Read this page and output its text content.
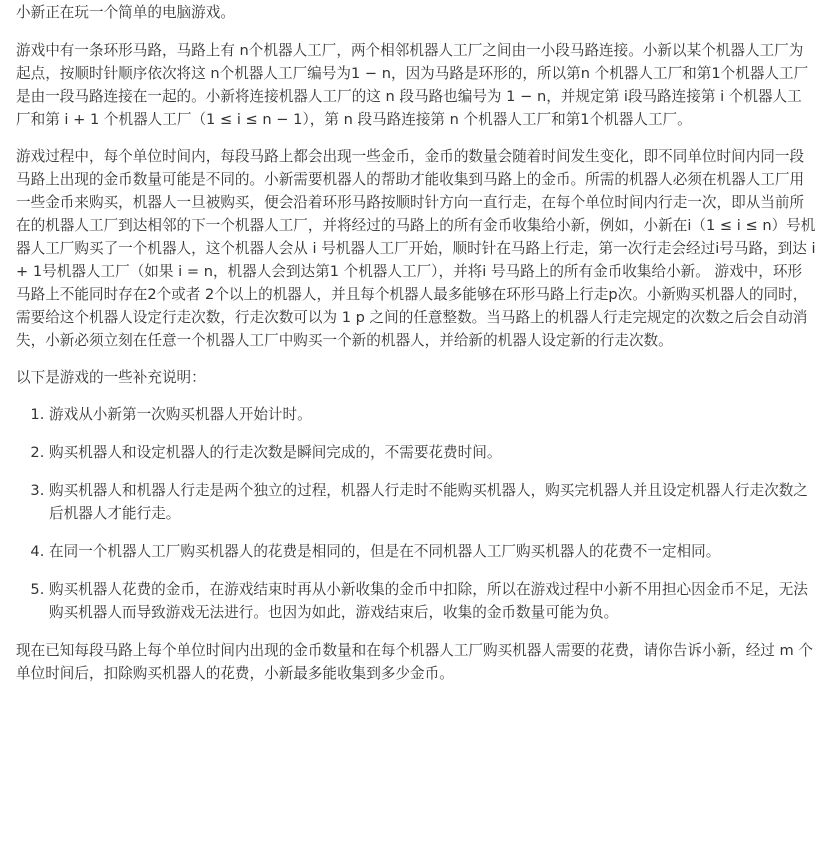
小新正在玩一个简单的电脑游戏。

游戏中有一条环形马路，马路上有 n个机器人工厂，两个相邻机器人工厂之间由一小段马路连接。小新以某个机器人工厂为起点，按顺时针顺序依次将这 n个机器人工厂编号为1 − n，因为马路是环形的，所以第n 个机器人工厂和第1个机器人工厂是由一段马路连接在一起的。小新将连接机器人工厂的这 n 段马路也编号为 1 − n，并规定第 i段马路连接第 i 个机器人工厂和第 i + 1 个机器人工厂（1 ≤ i ≤ n − 1），第 n 段马路连接第 n 个机器人工厂和第1个机器人工厂。

游戏过程中，每个单位时间内，每段马路上都会出现一些金币，金币的数量会随着时间发生变化，即不同单位时间内同一段马路上出现的金币数量可能是不同的。小新需要机器人的帮助才能收集到马路上的金币。所需的机器人必须在机器人工厂用一些金币来购买，机器人一旦被购买，便会沿着环形马路按顺时针方向一直行走，在每个单位时间内行走一次，即从当前所在的机器人工厂到达相邻的下一个机器人工厂，并将经过的马路上的所有金币收集给小新，例如，小新在i（1 ≤ i ≤ n）号机器人工厂购买了一个机器人，这个机器人会从 i 号机器人工厂开始，顺时针在马路上行走，第一次行走会经过i号马路，到达 i + 1号机器人工厂（如果 i = n，机器人会到达第1 个机器人工厂），并将i 号马路上的所有金币收集给小新。 游戏中，环形马路上不能同时存在2个或者 2个以上的机器人，并且每个机器人最多能够在环形马路上行走p次。小新购买机器人的同时，需要给这个机器人设定行走次数，行走次数可以为 1 p 之间的任意整数。当马路上的机器人行走完规定的次数之后会自动消失，小新必须立刻在任意一个机器人工厂中购买一个新的机器人，并给新的机器人设定新的行走次数。

以下是游戏的一些补充说明：

1. 游戏从小新第一次购买机器人开始计时。
2. 购买机器人和设定机器人的行走次数是瞬间完成的，不需要花费时间。
3. 购买机器人和机器人行走是两个独立的过程，机器人行走时不能购买机器人，购买完机器人并且设定机器人行走次数之后机器人才能行走。
4. 在同一个机器人工厂购买机器人的花费是相同的，但是在不同机器人工厂购买机器人的花费不一定相同。
5. 购买机器人花费的金币，在游戏结束时再从小新收集的金币中扣除，所以在游戏过程中小新不用担心因金币不足，无法购买机器人而导致游戏无法进行。也因为如此，游戏结束后，收集的金币数量可能为负。

现在已知每段马路上每个单位时间内出现的金币数量和在每个机器人工厂购买机器人需要的花费，请你告诉小新，经过 m 个单位时间后，扣除购买机器人的花费，小新最多能收集到多少金币。
